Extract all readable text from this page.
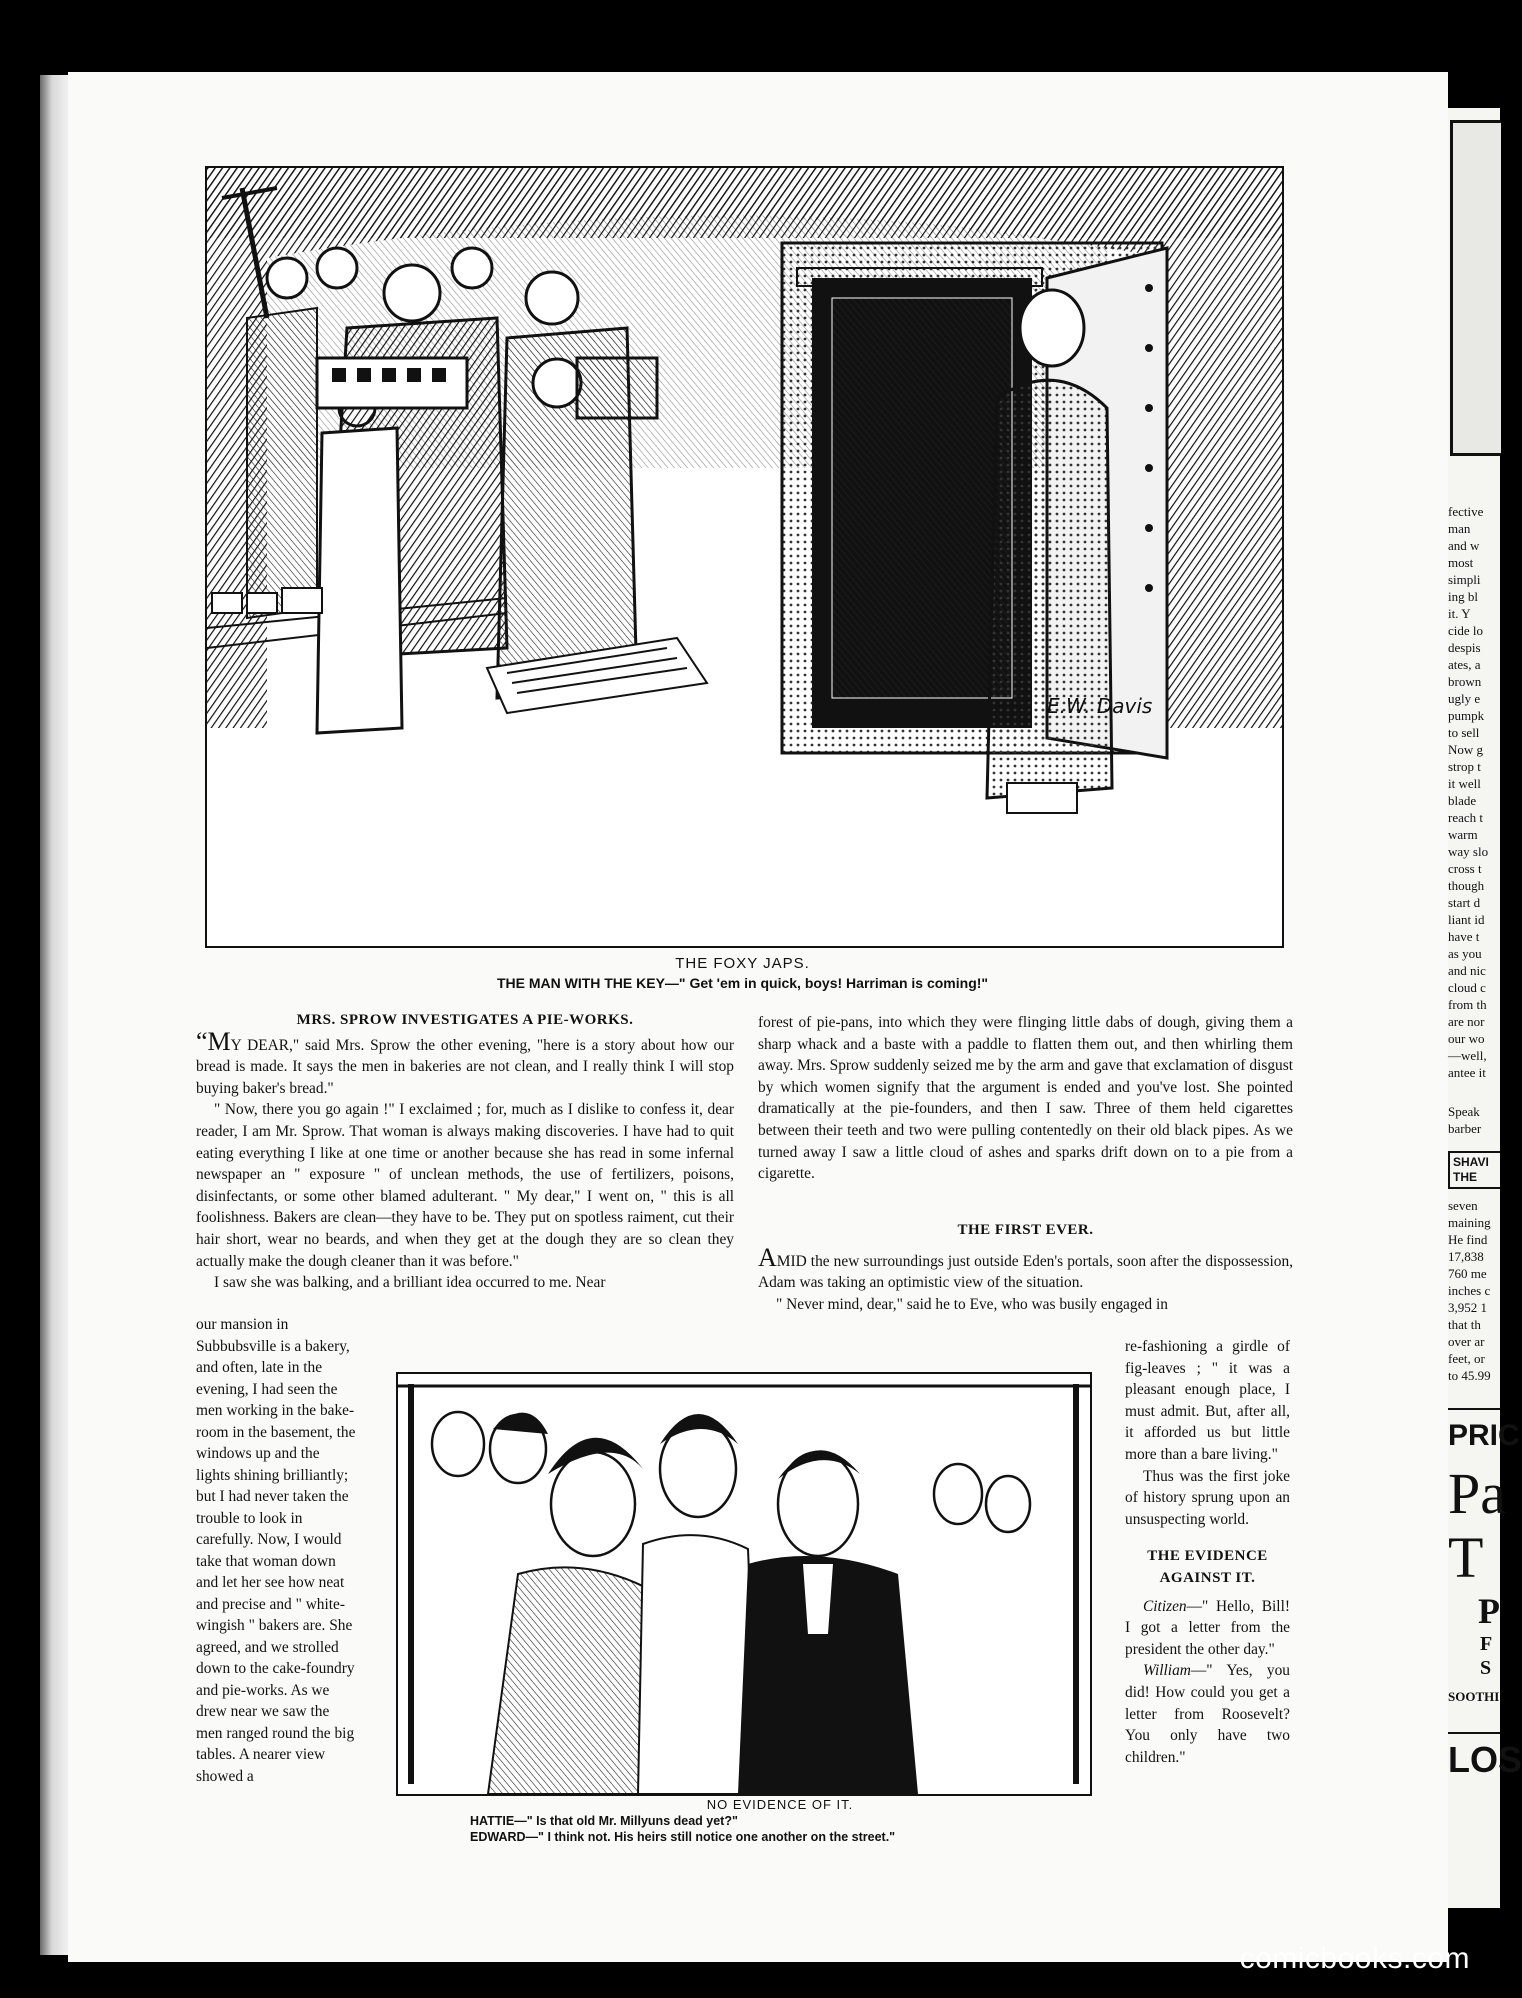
E.W. Davis
THE FOXY JAPS.
THE MAN WITH THE KEY—" Get 'em in quick, boys! Harriman is coming!"
MRS. SPROW INVESTIGATES A PIE-WORKS.

“MY DEAR," said Mrs. Sprow the other evening, "here is a story about how our bread is made. It says the men in bakeries are not clean, and I really think I will stop buying baker's bread."

" Now, there you go again !" I exclaimed ; for, much as I dislike to confess it, dear reader, I am Mr. Sprow. That woman is always making discoveries. I have had to quit eating everything I like at one time or another because she has read in some infernal newspaper an " exposure " of unclean methods, the use of fertilizers, poisons, disinfectants, or some other blamed adulterant. " My dear," I went on, " this is all foolishness. Bakers are clean—they have to be. They put on spotless raiment, cut their hair short, wear no beards, and when they get at the dough they are so clean they actually make the dough cleaner than it was before."

I saw she was balking, and a brilliant idea occurred to me. Near

our mansion in Subbubsville is a bakery, and often, late in the evening, I had seen the men working in the bake-room in the basement, the windows up and the lights shining brilliantly; but I had never taken the trouble to look in carefully. Now, I would take that woman down and let her see how neat and precise and " white-wingish " bakers are. She agreed, and we strolled down to the cake-foundry and pie-works. As we drew near we saw the men ranged round the big tables. A nearer view showed a

forest of pie-pans, into which they were flinging little dabs of dough, giving them a sharp whack and a baste with a paddle to flatten them out, and then whirling them away. Mrs. Sprow suddenly seized me by the arm and gave that exclamation of disgust by which women signify that the argument is ended and you've lost. She pointed dramatically at the pie-founders, and then I saw. Three of them held cigarettes between their teeth and two were pulling contentedly on their old black pipes. As we turned away I saw a little cloud of ashes and sparks drift down on to a pie from a cigarette.

THE FIRST EVER.

AMID the new surroundings just outside Eden's portals, soon after the dispossession, Adam was taking an optimistic view of the situation.

" Never mind, dear," said he to Eve, who was busily engaged in

re-fashioning a girdle of fig-leaves ; " it was a pleasant enough place, I must admit. But, after all, it afforded us but little more than a bare living."

Thus was the first joke of history sprung upon an unsuspecting world.

THE EVIDENCE AGAINST IT.

Citizen—" Hello, Bill! I got a letter from the president the other day."

William—" Yes, you did! How could you get a letter from Roosevelt? You only have two children."

NO EVIDENCE OF IT.
HATTIE—" Is that old Mr. Millyuns dead yet?"
EDWARD—" I think not. His heirs still notice one another on the street."
fective
man
and w
most
simpli
ing bl
it. Y
cide lo
despis
ates, a
brown
ugly e
pumpk
to sell
Now g
strop t
it well
blade
reach t
warm
way slo
cross t
though
start d
liant id
have t
as you
and nic
cloud c
from th
are nor
our wo
—well,
antee it
Speak
barber
SHAVI
THE
seven
maining
He find
17,838
760 me
inches c
3,952 1
that th
over ar
feet, or
to 45.99
PRIC
Pa
T
P
F
S
SOOTHI
LOS
comicbooks.com
